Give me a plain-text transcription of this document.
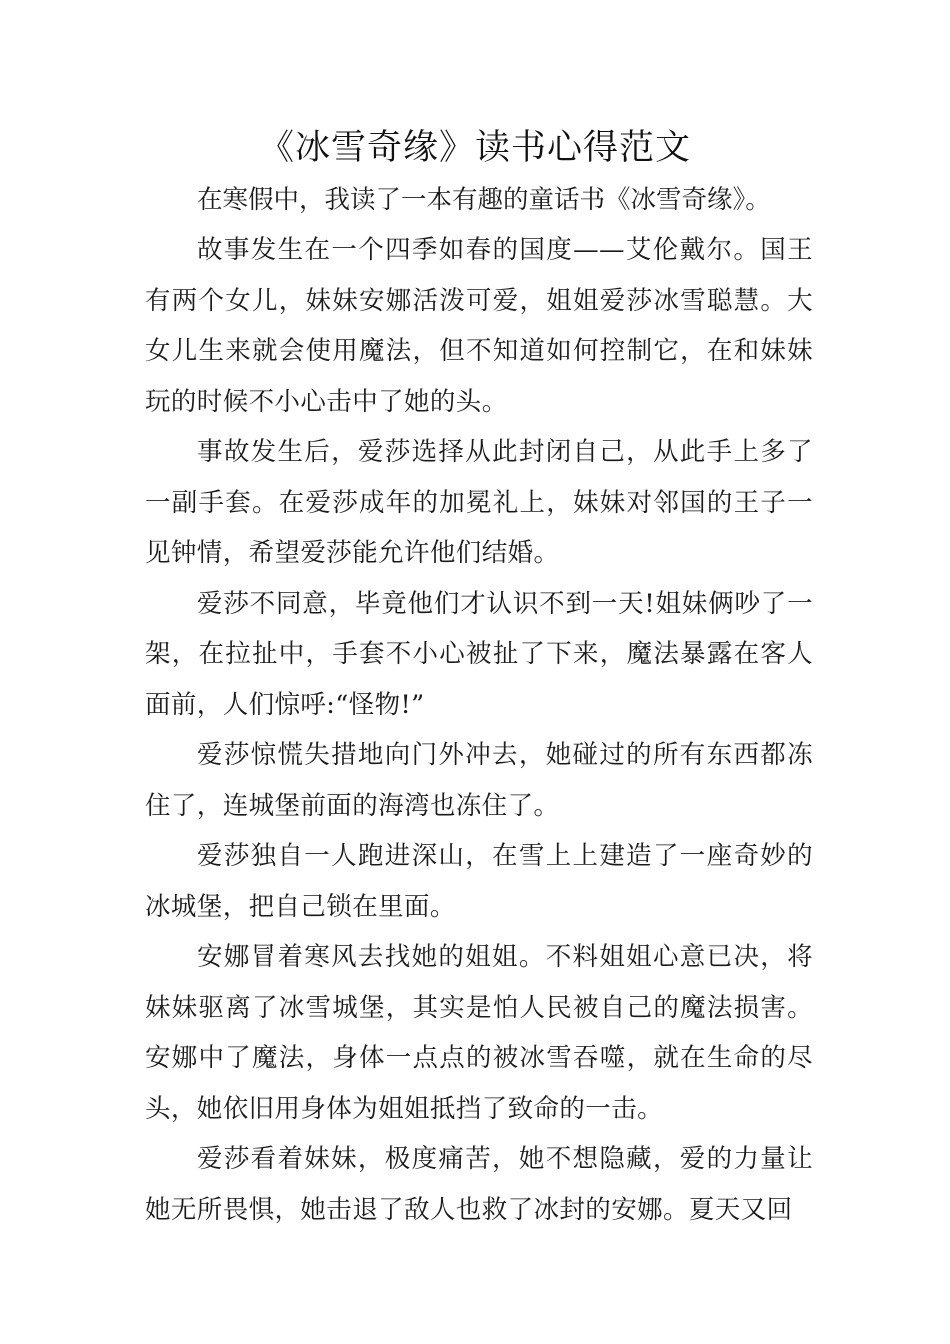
《冰雪奇缘》读书心得范文

在寒假中，我读了一本有趣的童话书《冰雪奇缘》。

故事发生在一个四季如春的国度——艾伦戴尔。国王有两个女儿，妹妹安娜活泼可爱，姐姐爱莎冰雪聪慧。大女儿生来就会使用魔法，但不知道如何控制它，在和妹妹玩的时候不小心击中了她的头。

事故发生后，爱莎选择从此封闭自己，从此手上多了一副手套。在爱莎成年的加冕礼上，妹妹对邻国的王子一见钟情，希望爱莎能允许他们结婚。

爱莎不同意，毕竟他们才认识不到一天!姐妹俩吵了一架，在拉扯中，手套不小心被扯了下来，魔法暴露在客人面前，人们惊呼:“怪物!”

爱莎惊慌失措地向门外冲去，她碰过的所有东西都冻住了，连城堡前面的海湾也冻住了。

爱莎独自一人跑进深山，在雪上上建造了一座奇妙的冰城堡，把自己锁在里面。

安娜冒着寒风去找她的姐姐。不料姐姐心意已决，将妹妹驱离了冰雪城堡，其实是怕人民被自己的魔法损害。安娜中了魔法，身体一点点的被冰雪吞噬，就在生命的尽头，她依旧用身体为姐姐抵挡了致命的一击。

爱莎看着妹妹，极度痛苦，她不想隐藏，爱的力量让她无所畏惧，她击退了敌人也救了冰封的安娜。夏天又回
